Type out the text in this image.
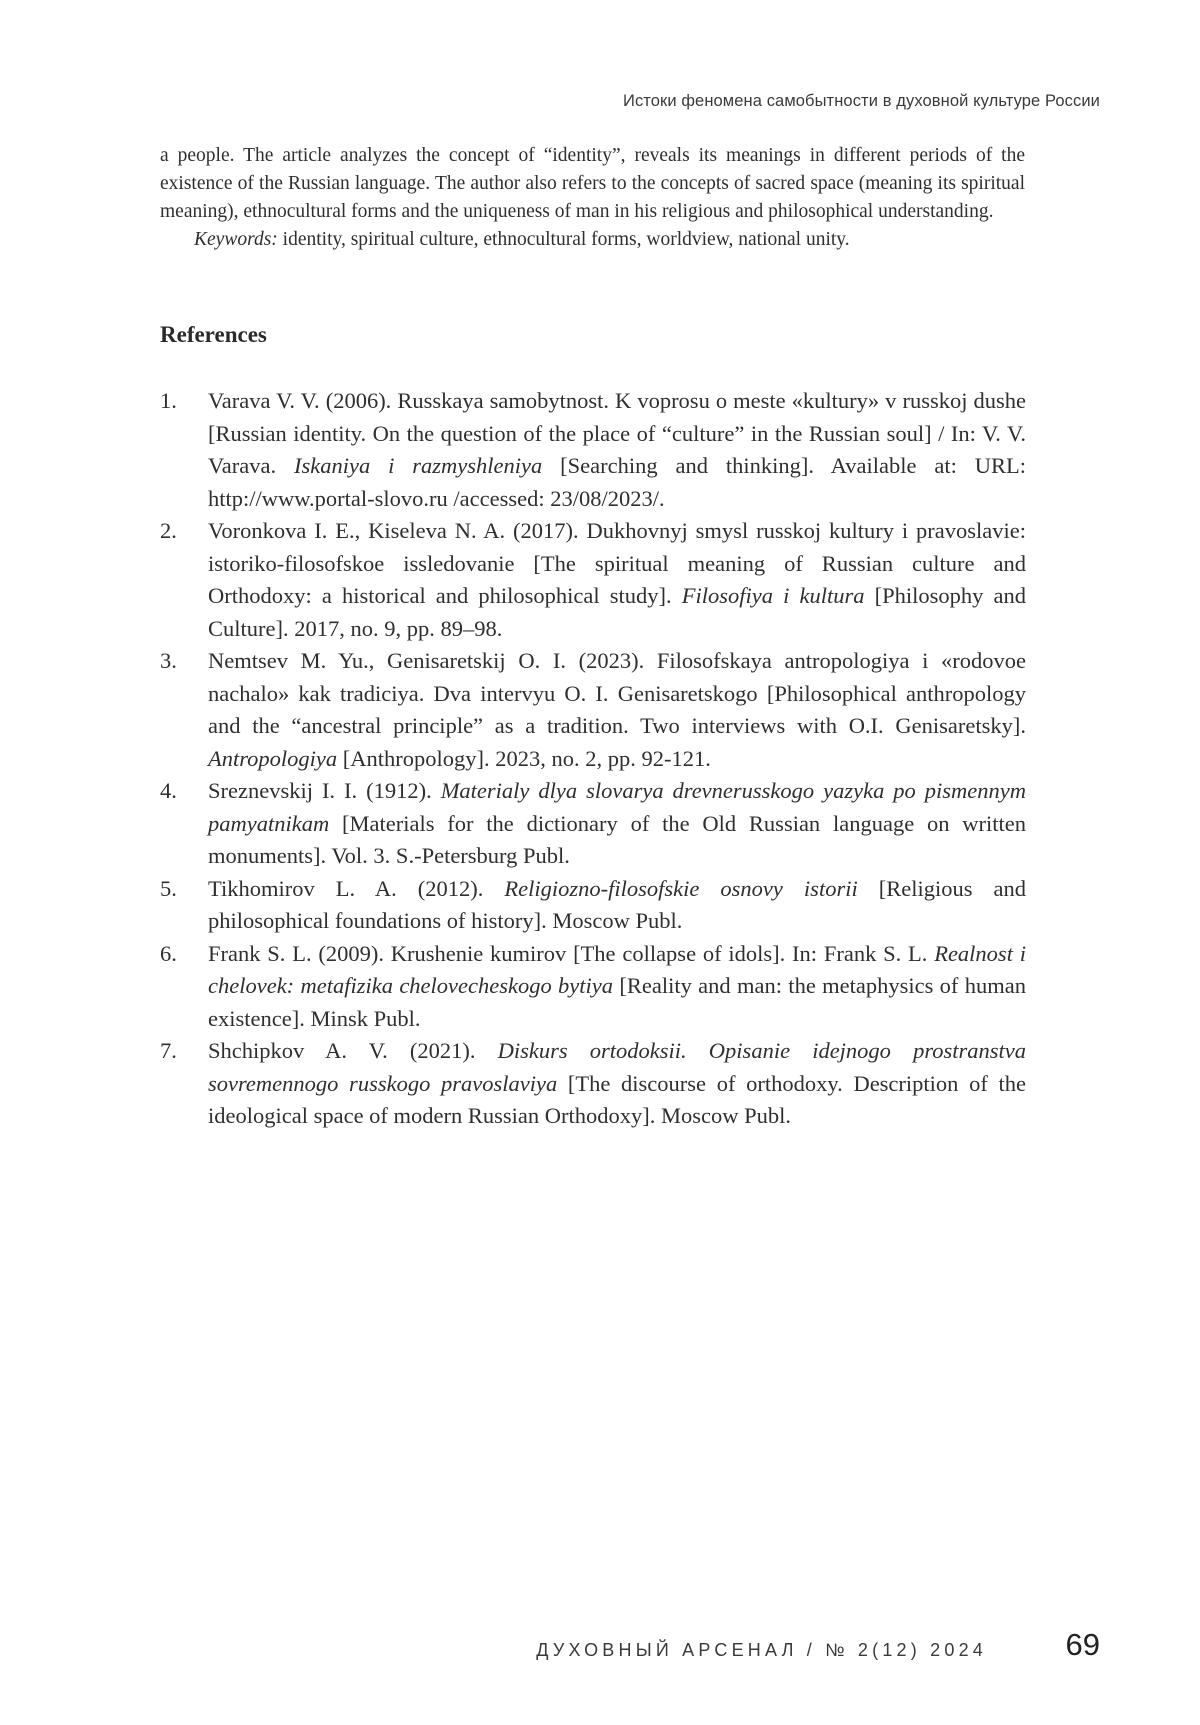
Истоки феномена самобытности в духовной культуре России

a people. The article analyzes the concept of “identity”, reveals its meanings in different periods of the existence of the Russian language. The author also refers to the concepts of sacred space (meaning its spiritual meaning), ethnocultural forms and the uniqueness of man in his religious and philosophical understanding.

Keywords: identity, spiritual culture, ethnocultural forms, worldview, national unity.

References
1.	Varava V. V. (2006). Russkaya samobytnost. K voprosu o meste «kultury» v russkoj dushe [Russian identity. On the question of the place of “culture” in the Russian soul] / In: V. V. Varava. Iskaniya i razmyshleniya [Searching and thinking]. Available at: URL: http://www.portal-slovo.ru /accessed: 23/08/2023/.
2.	Voronkova I. E., Kiseleva N. A. (2017). Dukhovnyj smysl russkoj kultury i pravoslavie: istoriko-filosofskoe issledovanie [The spiritual meaning of Russian culture and Orthodoxy: a historical and philosophical study]. Filosofiya i kultura [Philosophy and Culture]. 2017, no. 9, pp. 89–98.
3.	Nemtsev M. Yu., Genisaretskij O. I. (2023). Filosofskaya antropologiya i «rodovoe nachalo» kak tradiciya. Dva intervyu O. I. Genisaretskogo [Philosophical anthropology and the “ancestral principle” as a tradition. Two interviews with O.I. Genisaretsky]. Antropologiya [Anthropology]. 2023, no. 2, pp. 92-121.
4.	Sreznevskij I. I. (1912). Materialy dlya slovarya drevnerusskogo yazyka po pismennym pamyatnikam [Materials for the dictionary of the Old Russian language on written monuments]. Vol. 3. S.-Petersburg Publ.
5.	Tikhomirov L. A. (2012). Religiozno-filosofskie osnovy istorii [Religious and philosophical foundations of history]. Moscow Publ.
6.	Frank S. L. (2009). Krushenie kumirov [The collapse of idols]. In: Frank S. L. Realnost i chelovek: metafizika chelovecheskogo bytiya [Reality and man: the metaphysics of human existence]. Minsk Publ.
7.	Shchipkov A. V. (2021). Diskurs ortodoksii. Opisanie idejnogo prostranstva sovremennogo russkogo pravoslaviya [The discourse of orthodoxy. Description of the ideological space of modern Russian Orthodoxy]. Moscow Publ.
ДУХОВНЫЙ АРСЕНАЛ / № 2(12) 2024	69
